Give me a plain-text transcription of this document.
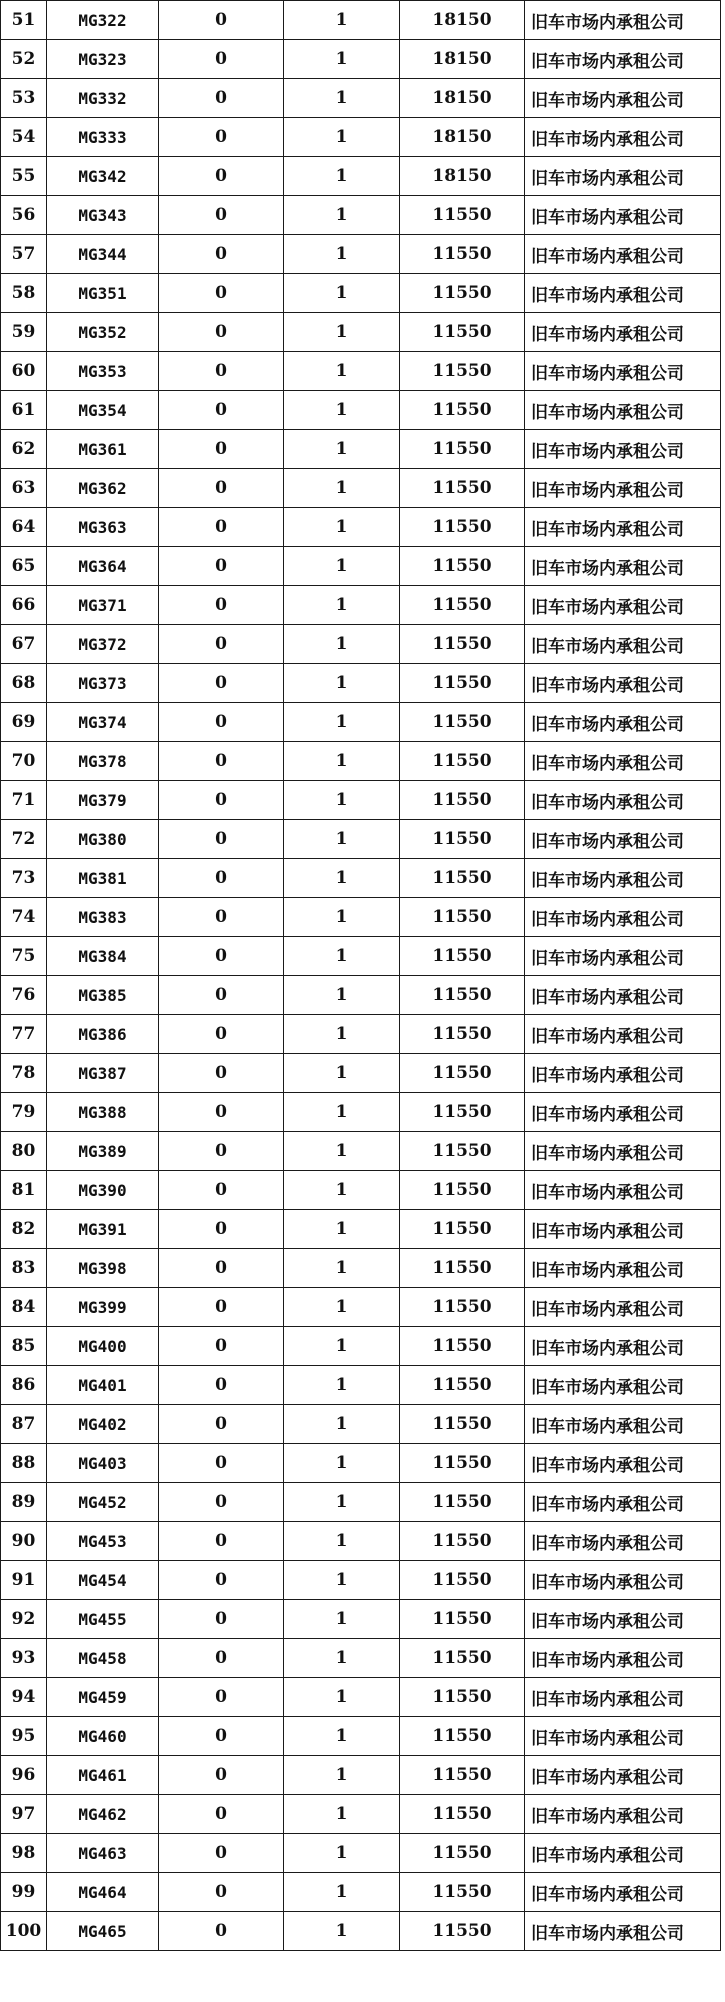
51	MG322	0	1	18150	旧车市场内承租公司
52	MG323	0	1	18150	旧车市场内承租公司
53	MG332	0	1	18150	旧车市场内承租公司
54	MG333	0	1	18150	旧车市场内承租公司
55	MG342	0	1	18150	旧车市场内承租公司
56	MG343	0	1	11550	旧车市场内承租公司
57	MG344	0	1	11550	旧车市场内承租公司
58	MG351	0	1	11550	旧车市场内承租公司
59	MG352	0	1	11550	旧车市场内承租公司
60	MG353	0	1	11550	旧车市场内承租公司
61	MG354	0	1	11550	旧车市场内承租公司
62	MG361	0	1	11550	旧车市场内承租公司
63	MG362	0	1	11550	旧车市场内承租公司
64	MG363	0	1	11550	旧车市场内承租公司
65	MG364	0	1	11550	旧车市场内承租公司
66	MG371	0	1	11550	旧车市场内承租公司
67	MG372	0	1	11550	旧车市场内承租公司
68	MG373	0	1	11550	旧车市场内承租公司
69	MG374	0	1	11550	旧车市场内承租公司
70	MG378	0	1	11550	旧车市场内承租公司
71	MG379	0	1	11550	旧车市场内承租公司
72	MG380	0	1	11550	旧车市场内承租公司
73	MG381	0	1	11550	旧车市场内承租公司
74	MG383	0	1	11550	旧车市场内承租公司
75	MG384	0	1	11550	旧车市场内承租公司
76	MG385	0	1	11550	旧车市场内承租公司
77	MG386	0	1	11550	旧车市场内承租公司
78	MG387	0	1	11550	旧车市场内承租公司
79	MG388	0	1	11550	旧车市场内承租公司
80	MG389	0	1	11550	旧车市场内承租公司
81	MG390	0	1	11550	旧车市场内承租公司
82	MG391	0	1	11550	旧车市场内承租公司
83	MG398	0	1	11550	旧车市场内承租公司
84	MG399	0	1	11550	旧车市场内承租公司
85	MG400	0	1	11550	旧车市场内承租公司
86	MG401	0	1	11550	旧车市场内承租公司
87	MG402	0	1	11550	旧车市场内承租公司
88	MG403	0	1	11550	旧车市场内承租公司
89	MG452	0	1	11550	旧车市场内承租公司
90	MG453	0	1	11550	旧车市场内承租公司
91	MG454	0	1	11550	旧车市场内承租公司
92	MG455	0	1	11550	旧车市场内承租公司
93	MG458	0	1	11550	旧车市场内承租公司
94	MG459	0	1	11550	旧车市场内承租公司
95	MG460	0	1	11550	旧车市场内承租公司
96	MG461	0	1	11550	旧车市场内承租公司
97	MG462	0	1	11550	旧车市场内承租公司
98	MG463	0	1	11550	旧车市场内承租公司
99	MG464	0	1	11550	旧车市场内承租公司
100	MG465	0	1	11550	旧车市场内承租公司
